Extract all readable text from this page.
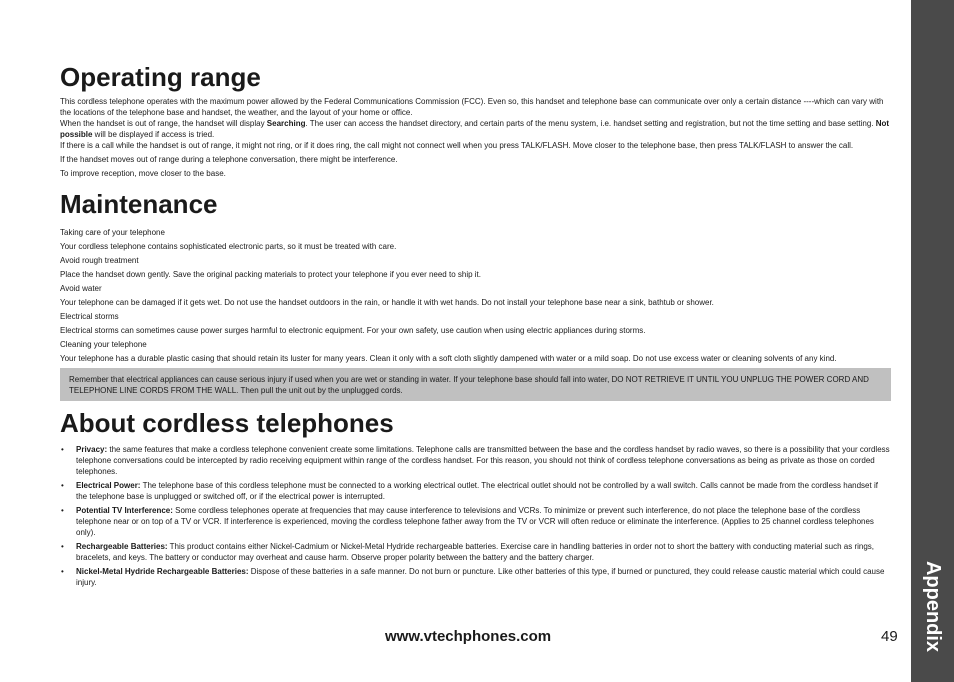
Appendix
Operating range

This cordless telephone operates with the maximum power allowed by the Federal Communications Commission (FCC). Even so, this handset and telephone base can communicate over only a certain distance ----which can vary with the locations of the telephone base and handset, the weather, and the layout of your home or office.

When the handset is out of range, the handset will display Searching. The user can access the handset directory, and certain parts of the menu system, i.e. handset setting and registration, but not the time setting and base setting. Not possible will be displayed if access is tried.

If there is a call while the handset is out of range, it might not ring, or if it does ring, the call might not connect well when you press TALK/FLASH. Move closer to the telephone base, then press TALK/FLASH to answer the call.

If the handset moves out of range during a telephone conversation, there might be interference.

To improve reception, move closer to the base.

Maintenance

Taking care of your telephone

Your cordless telephone contains sophisticated electronic parts, so it must be treated with care.

Avoid rough treatment

Place the handset down gently. Save the original packing materials to protect your telephone if you ever need to ship it.

Avoid water

Your telephone can be damaged if it gets wet. Do not use the handset outdoors in the rain, or handle it with wet hands. Do not install your telephone base near a sink, bathtub or shower.

Electrical storms

Electrical storms can sometimes cause power surges harmful to electronic equipment. For your own safety, use caution when using electric appliances during storms.

Cleaning your telephone

Your telephone has a durable plastic casing that should retain its luster for many years. Clean it only with a soft cloth slightly dampened with water or a mild soap. Do not use excess water or cleaning solvents of any kind.

Remember that electrical appliances can cause serious injury if used when you are wet or standing in water. If your telephone base should fall into water, DO NOT RETRIEVE IT UNTIL YOU UNPLUG THE POWER CORD AND TELEPHONE LINE CORDS FROM THE WALL. Then pull the unit out by the unplugged cords.
About cordless telephones
• Privacy: the same features that make a cordless telephone convenient create some limitations. Telephone calls are transmitted between the base and the cordless handset by radio waves, so there is a possibility that your cordless telephone conversations could be intercepted by radio receiving equipment within range of the cordless handset. For this reason, you should not think of cordless telephone conversations as being as private as those on corded telephones.
• Electrical Power: The telephone base of this cordless telephone must be connected to a working electrical outlet. The electrical outlet should not be controlled by a wall switch. Calls cannot be made from the cordless handset if the telephone base is unplugged or switched off, or if the electrical power is interrupted.
• Potential TV Interference: Some cordless telephones operate at frequencies that may cause interference to televisions and VCRs. To minimize or prevent such interference, do not place the telephone base of the cordless telephone near or on top of a TV or VCR. If interference is experienced, moving the cordless telephone father away from the TV or VCR will often reduce or eliminate the interference. (Applies to 25 channel cordless telephones only).
• Rechargeable Batteries: This product contains either Nickel-Cadmium or Nickel-Metal Hydride rechargeable batteries. Exercise care in handling batteries in order not to short the battery with conducting material such as rings, bracelets, and keys. The battery or conductor may overheat and cause harm. Observe proper polarity between the battery and the battery charger.
• Nickel-Metal Hydride Rechargeable Batteries: Dispose of these batteries in a safe manner. Do not burn or puncture. Like other batteries of this type, if burned or punctured, they could release caustic material which could cause injury.
www.vtechphones.com	49
